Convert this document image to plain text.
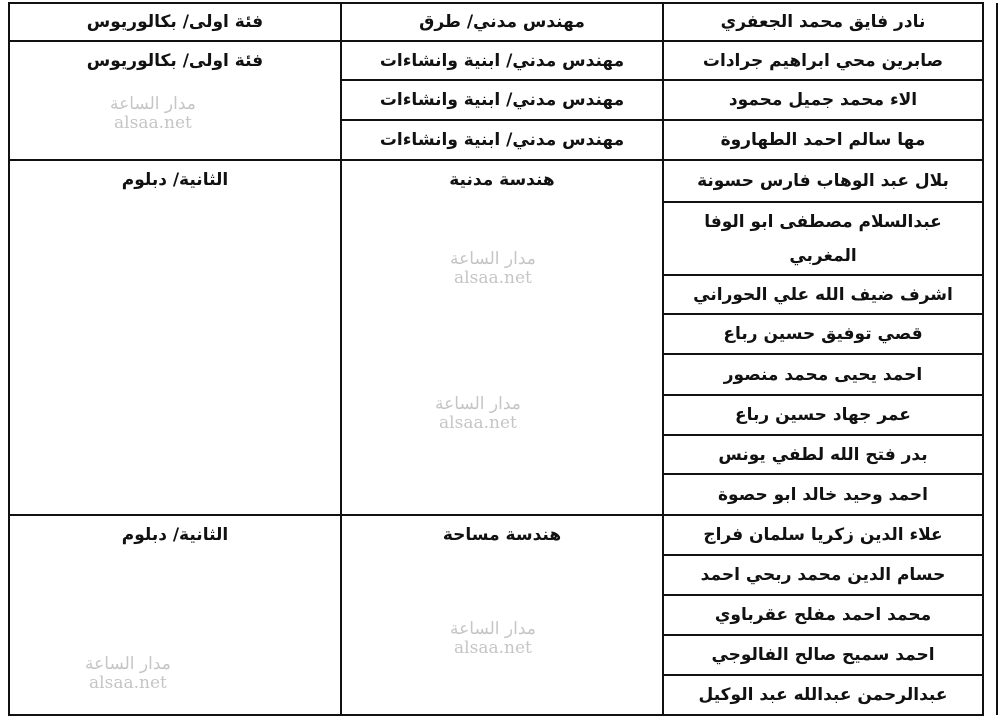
	نادر فايق محمد الجعفري	مهندس مدني/ طرق	فئة اولى/ بكالوريوس
	صابرين محي ابراهيم جرادات	مهندس مدني/ ابنية وانشاءات	فئة اولى/ بكالوريوس
	الاء محمد جميل محمود	مهندس مدني/ ابنية وانشاءات	
	مها سالم احمد الطهاروة	مهندس مدني/ ابنية وانشاءات	
	بلال عبد الوهاب فارس حسونة	هندسة مدنية	الثانية/ دبلوم
	عبدالسلام مصطفى ابو الوفا المغربي		
	اشرف ضيف الله علي الحوراني		
	قصي توفيق حسين رباع		
	احمد يحيى محمد منصور		
	عمر جهاد حسين رباع		
	بدر فتح الله لطفي يونس		
	احمد وحيد خالد ابو حصوة		
	علاء الدين زكريا سلمان فراج	هندسة مساحة	الثانية/ دبلوم
	حسام الدين محمد ربحي احمد		
	محمد احمد مفلح عقرباوي		
	احمد سميح صالح الفالوجي		
	عبدالرحمن عبدالله عبد الوكيل		
مدار الساعة
alsaa.net
مدار الساعة
alsaa.net
مدار الساعة
alsaa.net
مدار الساعة
alsaa.net
مدار الساعة
alsaa.net
